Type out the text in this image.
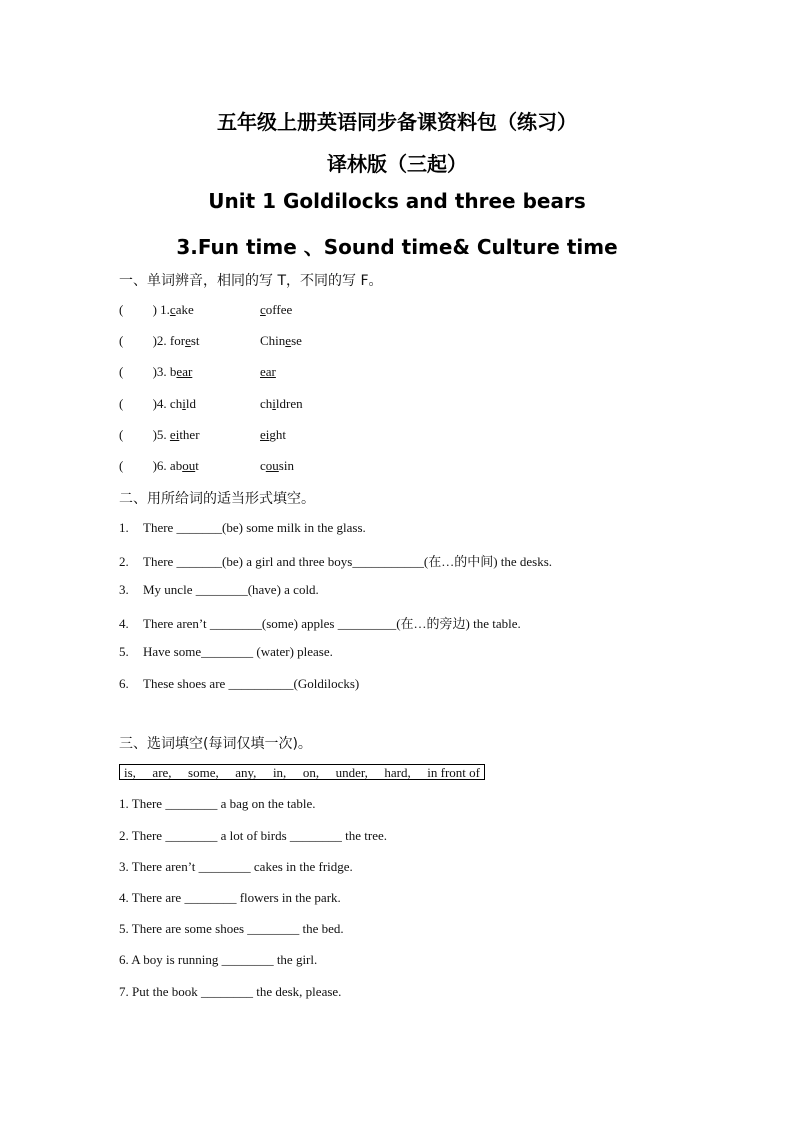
五年级上册英语同步备课资料包（练习）
译林版（三起）
Unit 1 Goldilocks and three bears
3.Fun time 、Sound time& Culture time
一、单词辨音，相同的写 T，不同的写 F。
(         ) 1.cake	coffee
(         )2. forest	Chinese
(         )3. bear	ear
(         )4. child	children
(         )5. either	eight
(         )6. about	cousin
二、用所给词的适当形式填空。
1. There _______(be) some milk in the glass.
2. There _______(be) a girl and three boys___________(在…的中间) the desks.
3. My uncle ________(have) a cold.
4. There aren’t ________(some) apples _________(在…的旁边) the table.
5. Have some________ (water) please.
6. These shoes are __________(Goldilocks)
三、选词填空(每词仅填一次)。
is, are, some, any, in, on, under, hard, in front of
1. There ________ a bag on the table.
2. There ________ a lot of birds ________ the tree.
3. There aren’t ________ cakes in the fridge.
4. There are ________ flowers in the park.
5. There are some shoes ________ the bed.
6. A boy is running ________ the girl.
7. Put the book ________ the desk, please.
